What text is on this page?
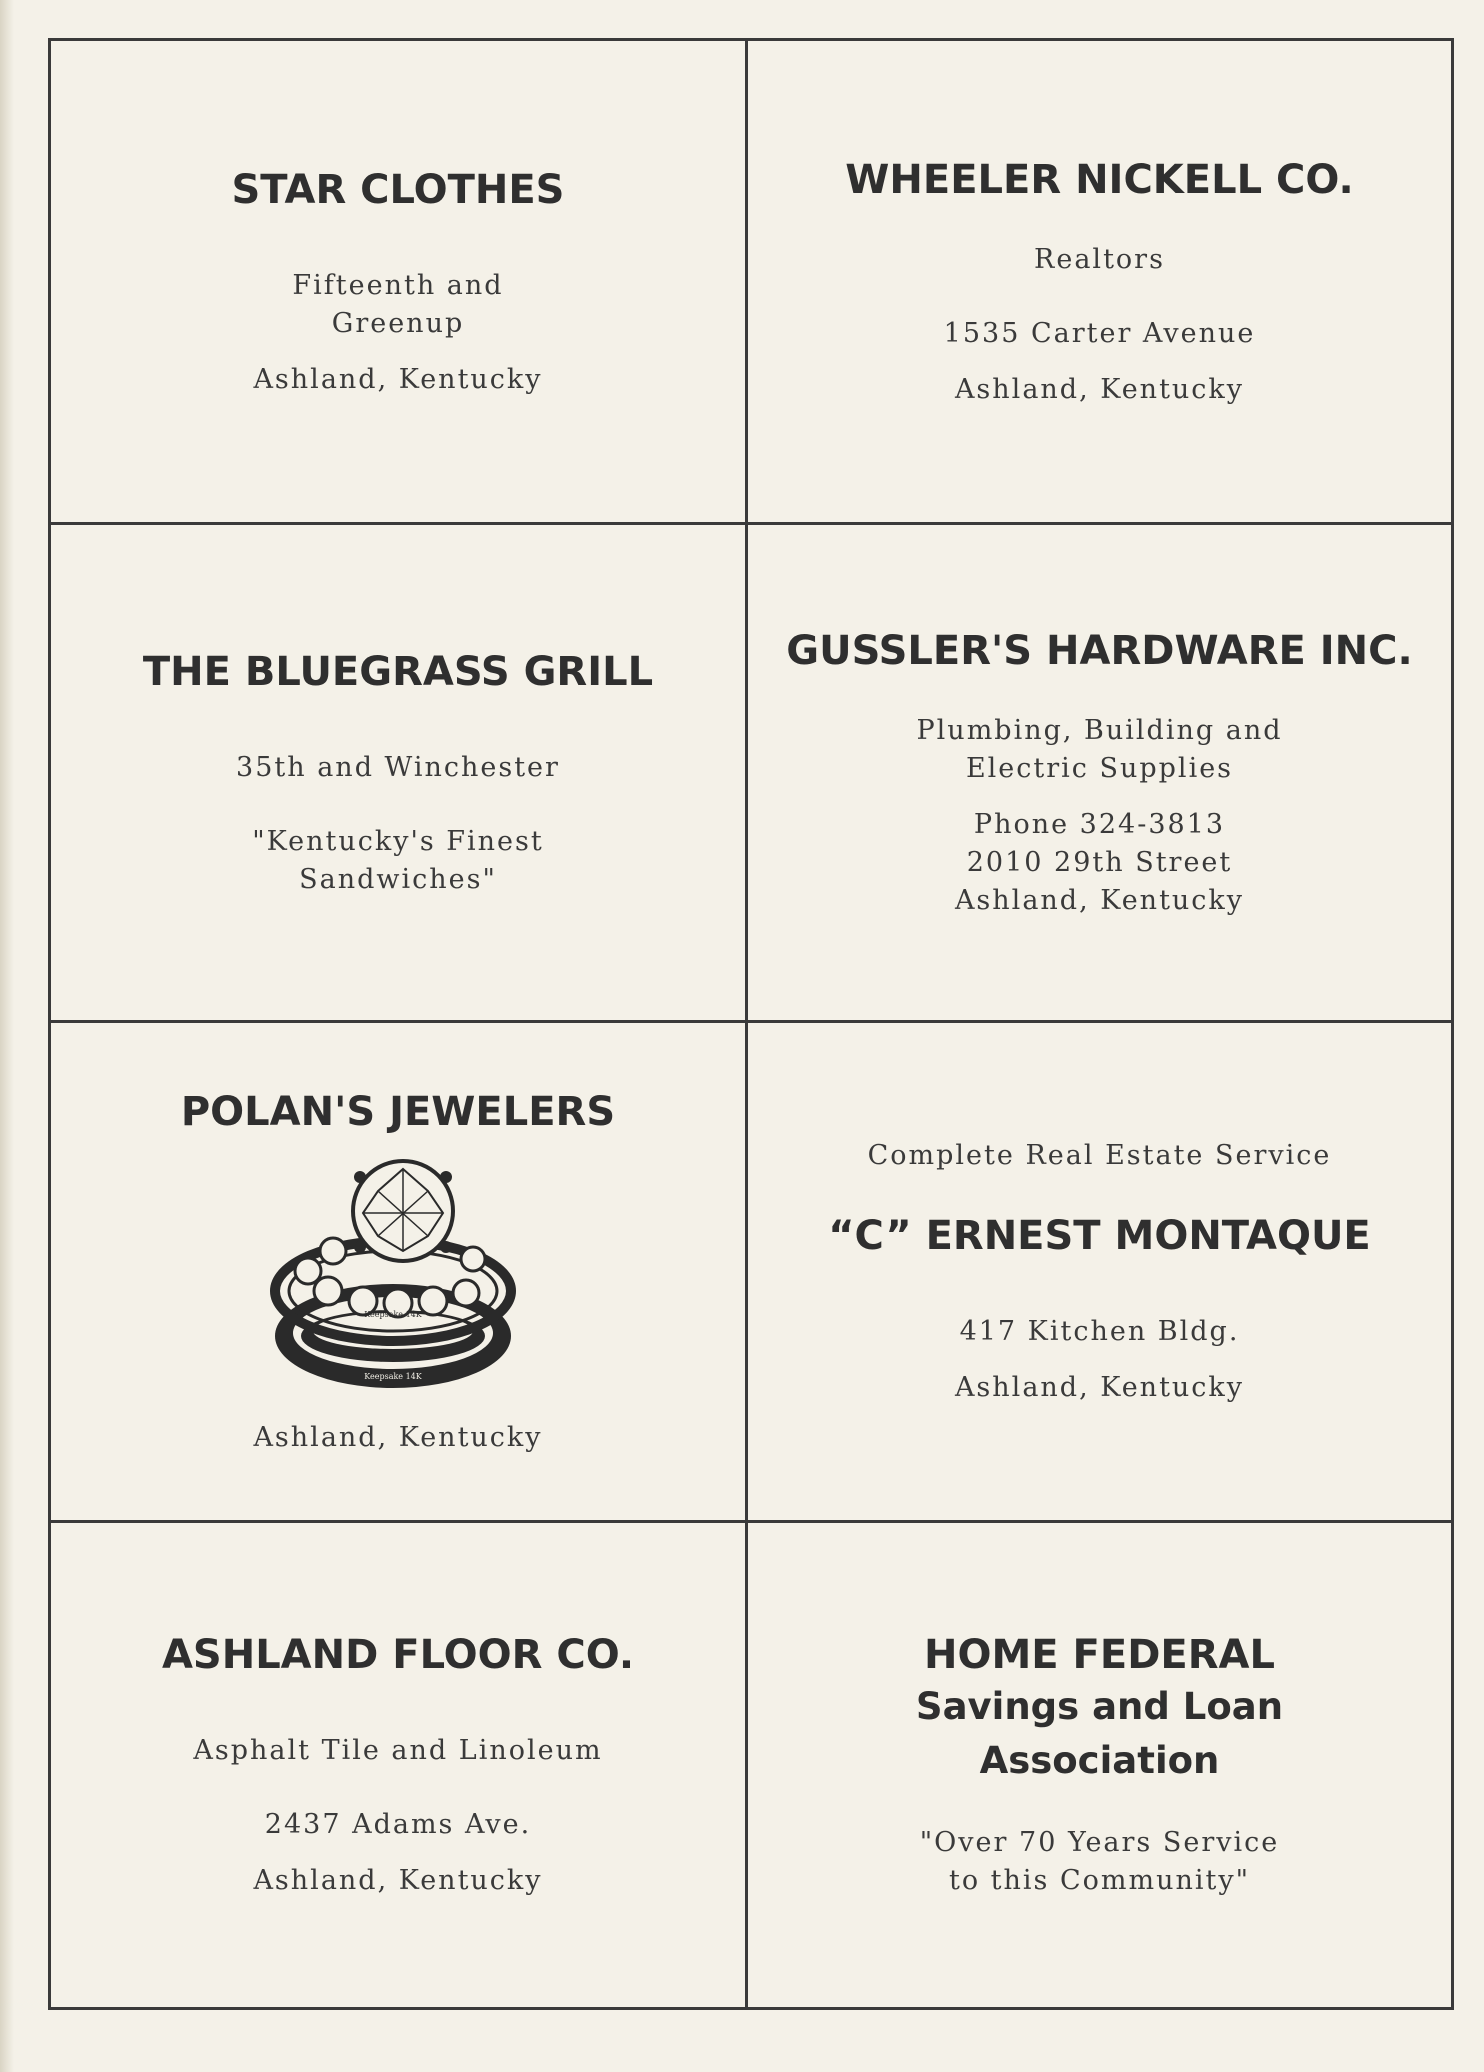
STAR CLOTHES
Fifteenth and
Greenup
Ashland, Kentucky
WHEELER NICKELL CO.
Realtors
1535 Carter Avenue
Ashland, Kentucky
THE BLUEGRASS GRILL
35th and Winchester
"Kentucky's Finest
Sandwiches"
GUSSLER'S HARDWARE INC.
Plumbing, Building and
Electric Supplies
Phone 324-3813
2010 29th Street
Ashland, Kentucky
POLAN'S JEWELERS
Keepsake 14K
Keepsake 14K
Ashland, Kentucky
Complete Real Estate Service
“C” ERNEST MONTAQUE
417 Kitchen Bldg.
Ashland, Kentucky
ASHLAND FLOOR CO.
Asphalt Tile and Linoleum
2437 Adams Ave.
Ashland, Kentucky
HOME FEDERAL
Savings and Loan
Association
"Over 70 Years Service
to this Community"
